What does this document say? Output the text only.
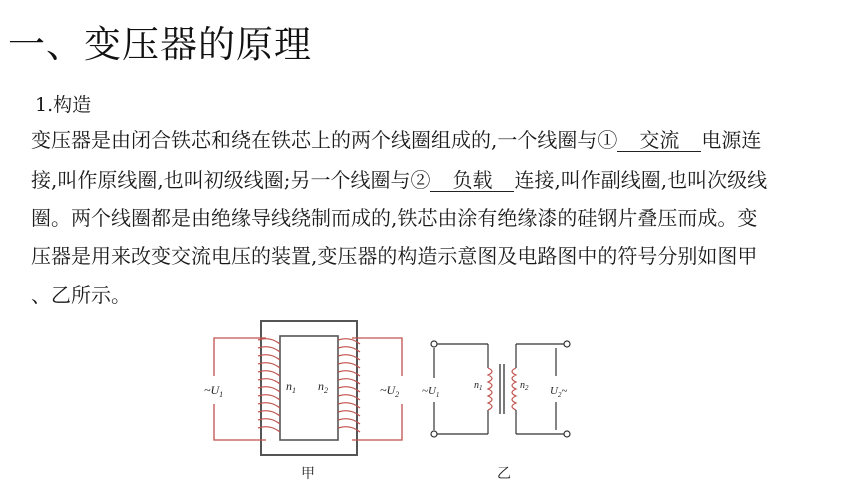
一、变压器的原理
1.构造
变压器是由闭合铁芯和绕在铁芯上的两个线圈组成的,一个线圈与① 交流 电源连
接,叫作原线圈,也叫初级线圈;另一个线圈与② 负载 连接,叫作副线圈,也叫次级线
圈。两个线圈都是由绝缘导线绕制而成的,铁芯由涂有绝缘漆的硅钢片叠压而成。变
压器是用来改变交流电压的装置,变压器的构造示意图及电路图中的符号分别如图甲
、乙所示。
$\sim U_1$
$n_1$ $n_2$	$\sim U_2$
甲
$\sim U_1$
$n_1$	$n_2$ $U_2\sim$
乙
